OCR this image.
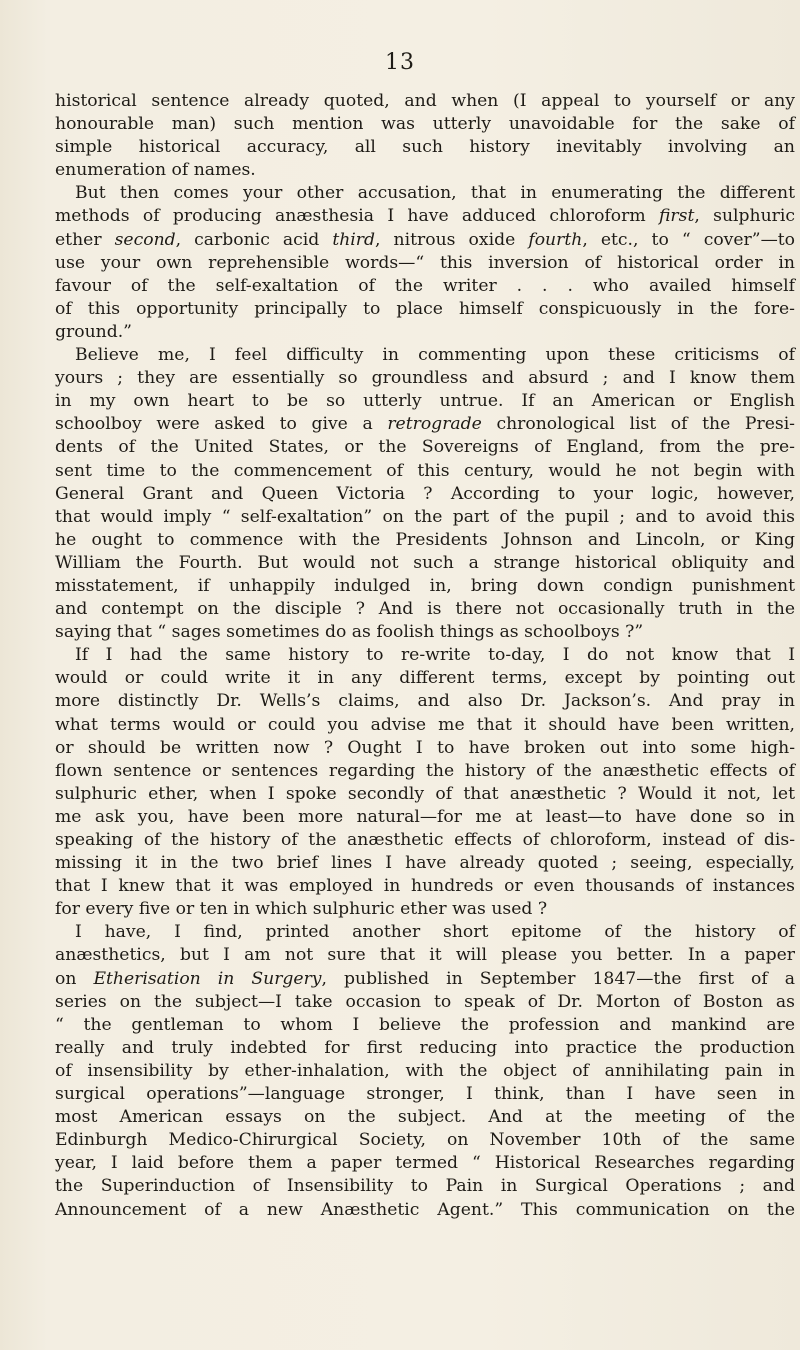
13
historical sentence already quoted, and when (I appeal to yourself or any
honourable man) such mention was utterly unavoidable for the sake of
simple historical accuracy, all such history inevitably involving an
enumeration of names.
But then comes your other accusation, that in enumerating the different
methods of producing anæsthesia I have adduced chloroform first, sulphuric
ether second, carbonic acid third, nitrous oxide fourth, etc., to “ cover”—to
use your own reprehensible words—“ this inversion of historical order in
favour of the self-exaltation of the writer . . . who availed himself
of this opportunity principally to place himself conspicuously in the fore-
ground.”
Believe me, I feel difficulty in commenting upon these criticisms of
yours ; they are essentially so groundless and absurd ; and I know them
in my own heart to be so utterly untrue. If an American or English
schoolboy were asked to give a retrograde chronological list of the Presi-
dents of the United States, or the Sovereigns of England, from the pre-
sent time to the commencement of this century, would he not begin with
General Grant and Queen Victoria ? According to your logic, however,
that would imply “ self-exaltation” on the part of the pupil ; and to avoid this
he ought to commence with the Presidents Johnson and Lincoln, or King
William the Fourth. But would not such a strange historical obliquity and
misstatement, if unhappily indulged in, bring down condign punishment
and contempt on the disciple ? And is there not occasionally truth in the
saying that “ sages sometimes do as foolish things as schoolboys ?”
If I had the same history to re-write to-day, I do not know that I
would or could write it in any different terms, except by pointing out
more distinctly Dr. Wells’s claims, and also Dr. Jackson’s. And pray in
what terms would or could you advise me that it should have been written,
or should be written now ? Ought I to have broken out into some high-
flown sentence or sentences regarding the history of the anæsthetic effects of
sulphuric ether, when I spoke secondly of that anæsthetic ? Would it not, let
me ask you, have been more natural—for me at least—to have done so in
speaking of the history of the anæsthetic effects of chloroform, instead of dis-
missing it in the two brief lines I have already quoted ; seeing, especially,
that I knew that it was employed in hundreds or even thousands of instances
for every five or ten in which sulphuric ether was used ?
I have, I find, printed another short epitome of the history of
anæsthetics, but I am not sure that it will please you better. In a paper
on Etherisation in Surgery, published in September 1847—the first of a
series on the subject—I take occasion to speak of Dr. Morton of Boston as
“ the gentleman to whom I believe the profession and mankind are
really and truly indebted for first reducing into practice the production
of insensibility by ether-inhalation, with the object of annihilating pain in
surgical operations”—language stronger, I think, than I have seen in
most American essays on the subject. And at the meeting of the
Edinburgh Medico-Chirurgical Society, on November 10th of the same
year, I laid before them a paper termed “ Historical Researches regarding
the Superinduction of Insensibility to Pain in Surgical Operations ; and
Announcement of a new Anæsthetic Agent.” This communication on the
